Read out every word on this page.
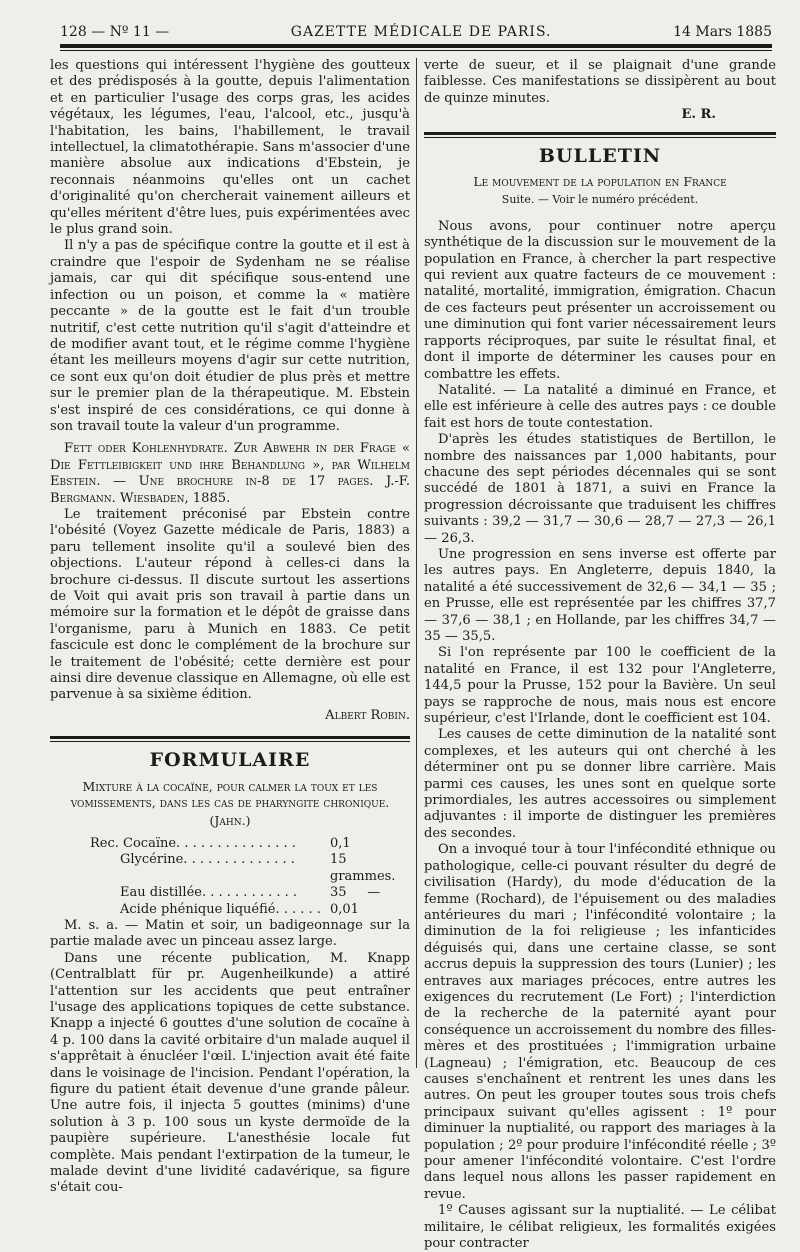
128 — Nº 11 —	GAZETTE MÉDICALE DE PARIS.	14 Mars 1885

les questions qui intéressent l'hygiène des goutteux et des prédisposés à la goutte, depuis l'alimentation et en particulier l'usage des corps gras, les acides végétaux, les légumes, l'eau, l'alcool, etc., jusqu'à l'habitation, les bains, l'habillement, le travail intellectuel, la climatothérapie. Sans m'associer d'une manière absolue aux indications d'Ebstein, je reconnais néanmoins qu'elles ont un cachet d'originalité qu'on chercherait vainement ailleurs et qu'elles méritent d'être lues, puis expérimentées avec le plus grand soin.

Il n'y a pas de spécifique contre la goutte et il est à craindre que l'espoir de Sydenham ne se réalise jamais, car qui dit spécifique sous-entend une infection ou un poison, et comme la « matière peccante » de la goutte est le fait d'un trouble nutritif, c'est cette nutrition qu'il s'agit d'atteindre et de modifier avant tout, et le régime comme l'hygiène étant les meilleurs moyens d'agir sur cette nutrition, ce sont eux qu'on doit étudier de plus près et mettre sur le premier plan de la thérapeutique. M. Ebstein s'est inspiré de ces considérations, ce qui donne à son travail toute la valeur d'un programme.

Fett oder Kohlenhydrate. Zur Abwehr in der Frage « Die Fettleibigkeit und ihre Behandlung », par Wilhelm Ebstein. — Une brochure in-8 de 17 pages. J.-F. Bergmann. Wiesbaden, 1885.

Le traitement préconisé par Ebstein contre l'obésité (Voyez Gazette médicale de Paris, 1883) a paru tellement insolite qu'il a soulevé bien des objections. L'auteur répond à celles-ci dans la brochure ci-dessus. Il discute surtout les assertions de Voit qui avait pris son travail à partie dans un mémoire sur la formation et le dépôt de graisse dans l'organisme, paru à Munich en 1883. Ce petit fascicule est donc le complément de la brochure sur le traitement de l'obésité; cette dernière est pour ainsi dire devenue classique en Allemagne, où elle est parvenue à sa sixième édition.

Albert Robin.
FORMULAIRE
Mixture à la cocaïne, pour calmer la toux et les vomissements, dans les cas de pharyngite chronique.
(Jahn.)
Rec. Cocaïne. . . . . . . . . . . . . . .	0,1
Glycérine. . . . . . . . . . . . . .	15 grammes.
Eau distillée. . . . . . . . . . . .	35     —
Acide phénique liquéfié. . . . . . 0,01

M. s. a. — Matin et soir, un badigeonnage sur la partie malade avec un pinceau assez large.

Dans une récente publication, M. Knapp (Centralblatt für pr. Augenheilkunde) a attiré l'attention sur les accidents que peut entraîner l'usage des applications topiques de cette substance. Knapp a injecté 6 gouttes d'une solution de cocaïne à 4 p. 100 dans la cavité orbitaire d'un malade auquel il s'apprêtait à énucléer l'œil. L'injection avait été faite dans le voisinage de l'incision. Pendant l'opération, la figure du patient était devenue d'une grande pâleur. Une autre fois, il injecta 5 gouttes (minims) d'une solution à 3 p. 100 sous un kyste dermoïde de la paupière supérieure. L'anesthésie locale fut complète. Mais pendant l'extirpation de la tumeur, le malade devint d'une lividité cadavérique, sa figure s'était cou-

verte de sueur, et il se plaignait d'une grande faiblesse. Ces manifestations se dissipèrent au bout de quinze minutes.

E. R.
BULLETIN
Le mouvement de la population en France
Suite. — Voir le numéro précédent.

Nous avons, pour continuer notre aperçu synthétique de la discussion sur le mouvement de la population en France, à chercher la part respective qui revient aux quatre facteurs de ce mouvement : natalité, mortalité, immigration, émigration. Chacun de ces facteurs peut présenter un accroissement ou une diminution qui font varier nécessairement leurs rapports réciproques, par suite le résultat final, et dont il importe de déterminer les causes pour en combattre les effets.

Natalité. — La natalité a diminué en France, et elle est inférieure à celle des autres pays : ce double fait est hors de toute contestation.

D'après les études statistiques de Bertillon, le nombre des naissances par 1,000 habitants, pour chacune des sept périodes décennales qui se sont succédé de 1801 à 1871, a suivi en France la progression décroissante que traduisent les chiffres suivants : 39,2 — 31,7 — 30,6 — 28,7 — 27,3 — 26,1 — 26,3.

Une progression en sens inverse est offerte par les autres pays. En Angleterre, depuis 1840, la natalité a été successivement de 32,6 — 34,1 — 35 ; en Prusse, elle est représentée par les chiffres 37,7 — 37,6 — 38,1 ; en Hollande, par les chiffres 34,7 — 35 — 35,5.

Si l'on représente par 100 le coefficient de la natalité en France, il est 132 pour l'Angleterre, 144,5 pour la Prusse, 152 pour la Bavière. Un seul pays se rapproche de nous, mais nous est encore supérieur, c'est l'Irlande, dont le coefficient est 104.

Les causes de cette diminution de la natalité sont complexes, et les auteurs qui ont cherché à les déterminer ont pu se donner libre carrière. Mais parmi ces causes, les unes sont en quelque sorte primordiales, les autres accessoires ou simplement adjuvantes : il importe de distinguer les premières des secondes.

On a invoqué tour à tour l'infécondité ethnique ou pathologique, celle-ci pouvant résulter du degré de civilisation (Hardy), du mode d'éducation de la femme (Rochard), de l'épuisement ou des maladies antérieures du mari ; l'infécondité volontaire ; la diminution de la foi religieuse ; les infanticides déguisés qui, dans une certaine classe, se sont accrus depuis la suppression des tours (Lunier) ; les entraves aux mariages précoces, entre autres les exigences du recrutement (Le Fort) ; l'interdiction de la recherche de la paternité ayant pour conséquence un accroissement du nombre des filles-mères et des prostituées ; l'immigration urbaine (Lagneau) ; l'émigration, etc. Beaucoup de ces causes s'enchaînent et rentrent les unes dans les autres. On peut les grouper toutes sous trois chefs principaux suivant qu'elles agissent : 1º pour diminuer la nuptialité, ou rapport des mariages à la population ; 2º pour produire l'infécondité réelle ; 3º pour amener l'infécondité volontaire. C'est l'ordre dans lequel nous allons les passer rapidement en revue.

1º Causes agissant sur la nuptialité. — Le célibat militaire, le célibat religieux, les formalités exigées pour contracter
